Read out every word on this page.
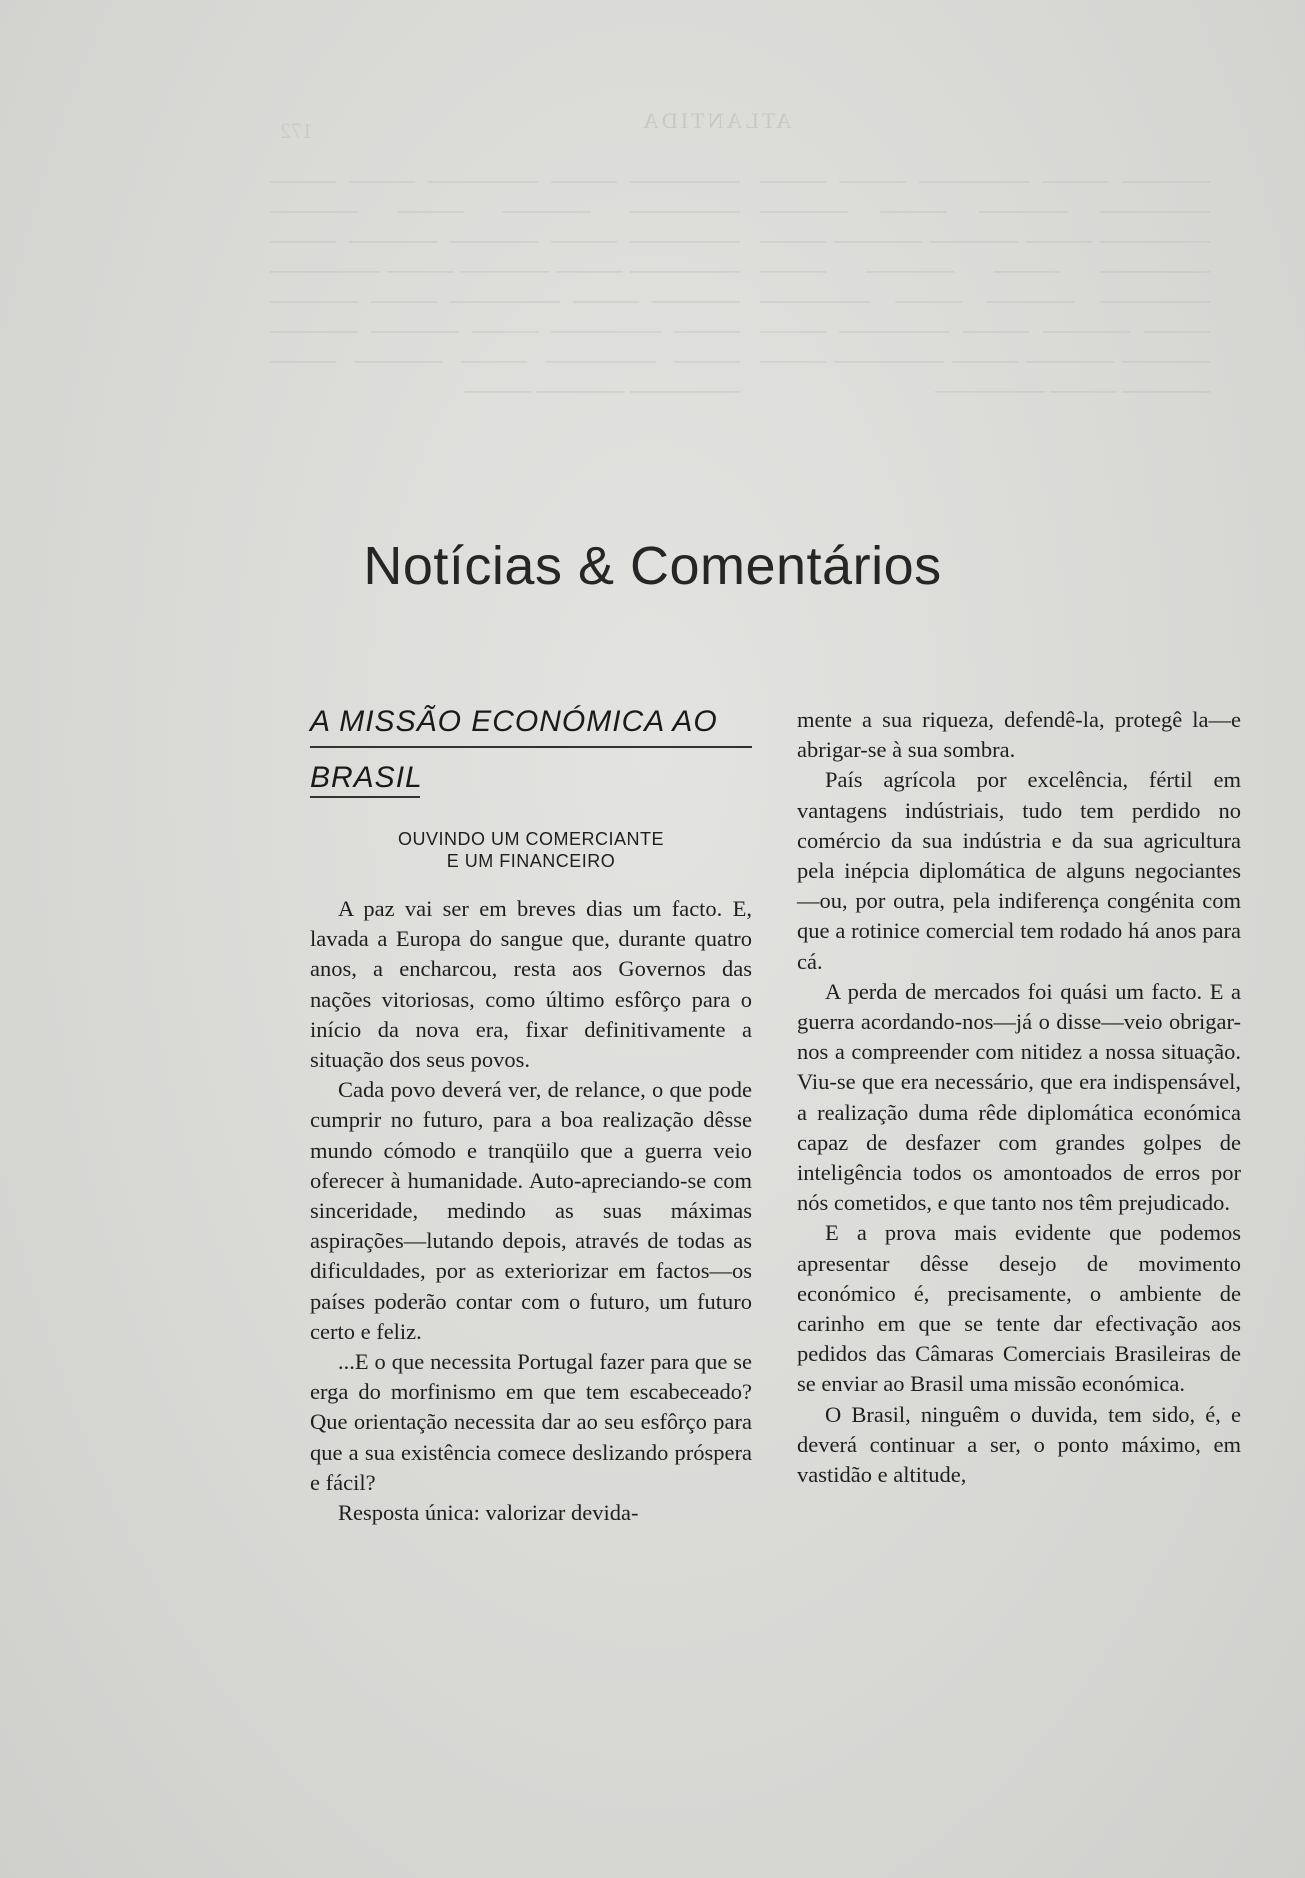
172	ATLANTIDA
————— ——— ————— ——— ——— ————— ———— ——— ———— ————— ——— ———— ———— ——— ————— ——— ———— ——— ————— ———— ——— ————— ——— ———— ——— ————— ——— ———— ———— ——— ————— ——— ———— ——— ————— ———— ———
———— ——— ————— ——— ——— ————— ———— ——— ———— ————— ——— ———— ———— ——— ————— ——— ———— ——— ————— ———— ——— ————— ——— ———— ——— ————— ——— ———— ———— ——— ————— ——— ———— ——— —————
Notícias & Comentários

A MISSÃO ECONÓMICA AO

BRASIL

OUVINDO UM COMERCIANTE
E UM FINANCEIRO

A paz vai ser em breves dias um facto. E, lavada a Europa do sangue que, durante quatro anos, a encharcou, resta aos Governos das nações vitoriosas, como último esfôrço para o início da nova era, fixar definitivamente a situação dos seus povos.

Cada povo deverá ver, de relance, o que pode cumprir no futuro, para a boa realização dêsse mundo cómodo e tranqüilo que a guerra veio oferecer à humanidade. Auto-apreciando-se com sinceridade, medindo as suas máximas aspirações—lutando depois, através de todas as dificuldades, por as exteriorizar em factos—os países poderão contar com o futuro, um futuro certo e feliz.

...E o que necessita Portugal fazer para que se erga do morfinismo em que tem escabeceado? Que orientação necessita dar ao seu esfôrço para que a sua existência comece deslizando próspera e fácil?

Resposta única: valorizar devida-

mente a sua riqueza, defendê-la, protegê la—e abrigar-se à sua sombra.

País agrícola por excelência, fértil em vantagens indústriais, tudo tem perdido no comércio da sua indústria e da sua agricultura pela inépcia diplomática de alguns negociantes—ou, por outra, pela indiferença congénita com que a rotinice comercial tem rodado há anos para cá.

A perda de mercados foi quási um facto. E a guerra acordando-nos—já o disse—veio obrigar-nos a compreender com nitidez a nossa situação. Viu-se que era necessário, que era indispensável, a realização duma rêde diplomática económica capaz de desfazer com grandes golpes de inteligência todos os amontoados de erros por nós cometidos, e que tanto nos têm prejudicado.

E a prova mais evidente que podemos apresentar dêsse desejo de movimento económico é, precisamente, o ambiente de carinho em que se tente dar efectivação aos pedidos das Câmaras Comerciais Brasileiras de se enviar ao Brasil uma missão económica.

O Brasil, ninguêm o duvida, tem sido, é, e deverá continuar a ser, o ponto máximo, em vastidão e altitude,
